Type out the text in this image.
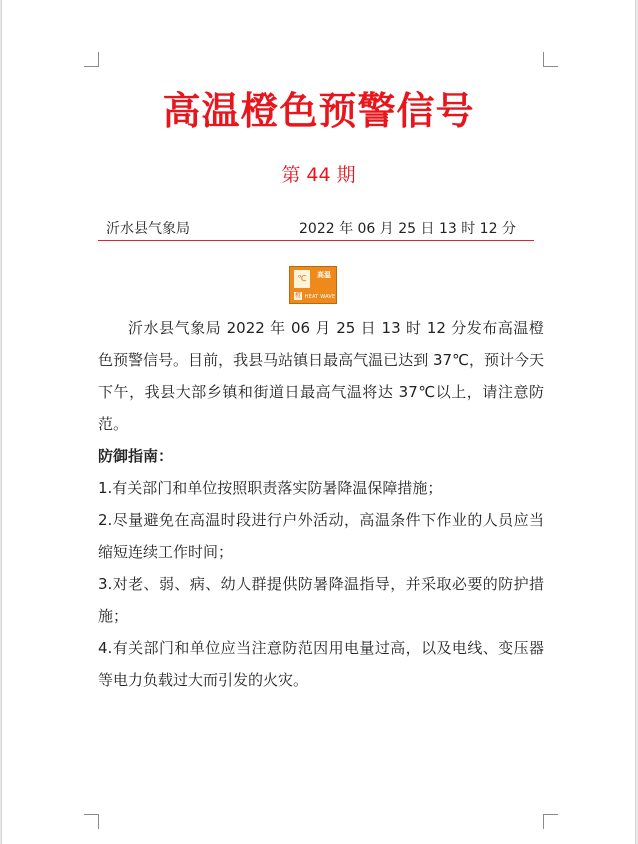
高温橙色预警信号
第 44 期
沂水县气象局	2022 年 06 月 25 日 13 时 12 分
℃	高温
橙 HEAT WAVE

沂水县气象局 2022 年 06 月 25 日 13 时 12 分发布高温橙色预警信号。目前，我县马站镇日最高气温已达到 37℃，预计今天下午，我县大部乡镇和街道日最高气温将达 37℃以上，请注意防范。

防御指南：

1.有关部门和单位按照职责落实防暑降温保障措施；

2.尽量避免在高温时段进行户外活动，高温条件下作业的人员应当缩短连续工作时间；

3.对老、弱、病、幼人群提供防暑降温指导，并采取必要的防护措施；

4.有关部门和单位应当注意防范因用电量过高，以及电线、变压器等电力负载过大而引发的火灾。
